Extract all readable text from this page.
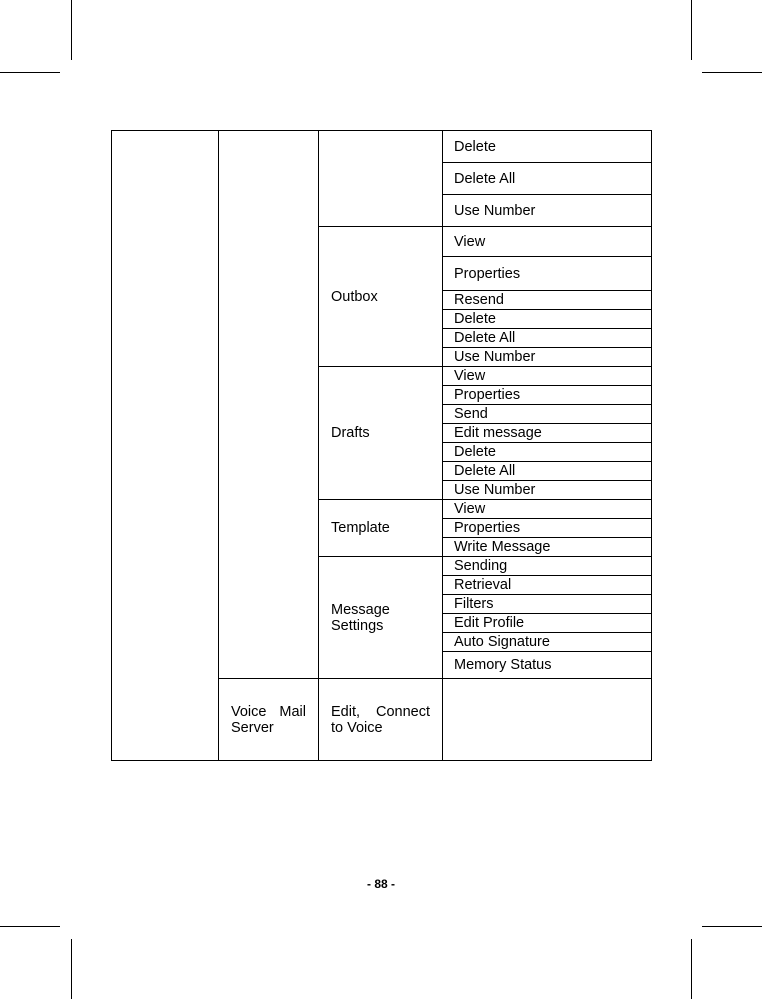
			Delete
			Delete All
			Use Number
		Outbox	View
			Properties
			Resend
			Delete
			Delete All
			Use Number
		Drafts	View
			Properties
			Send
			Edit message
			Delete
			Delete All
			Use Number
		Template	View
			Properties
			Write Message
		Message Settings	Sending
			Retrieval
			Filters
			Edit Profile
			Auto Signature
			Memory Status

	Voice Mail Server	Edit, Connect to Voice	
- 88 -
